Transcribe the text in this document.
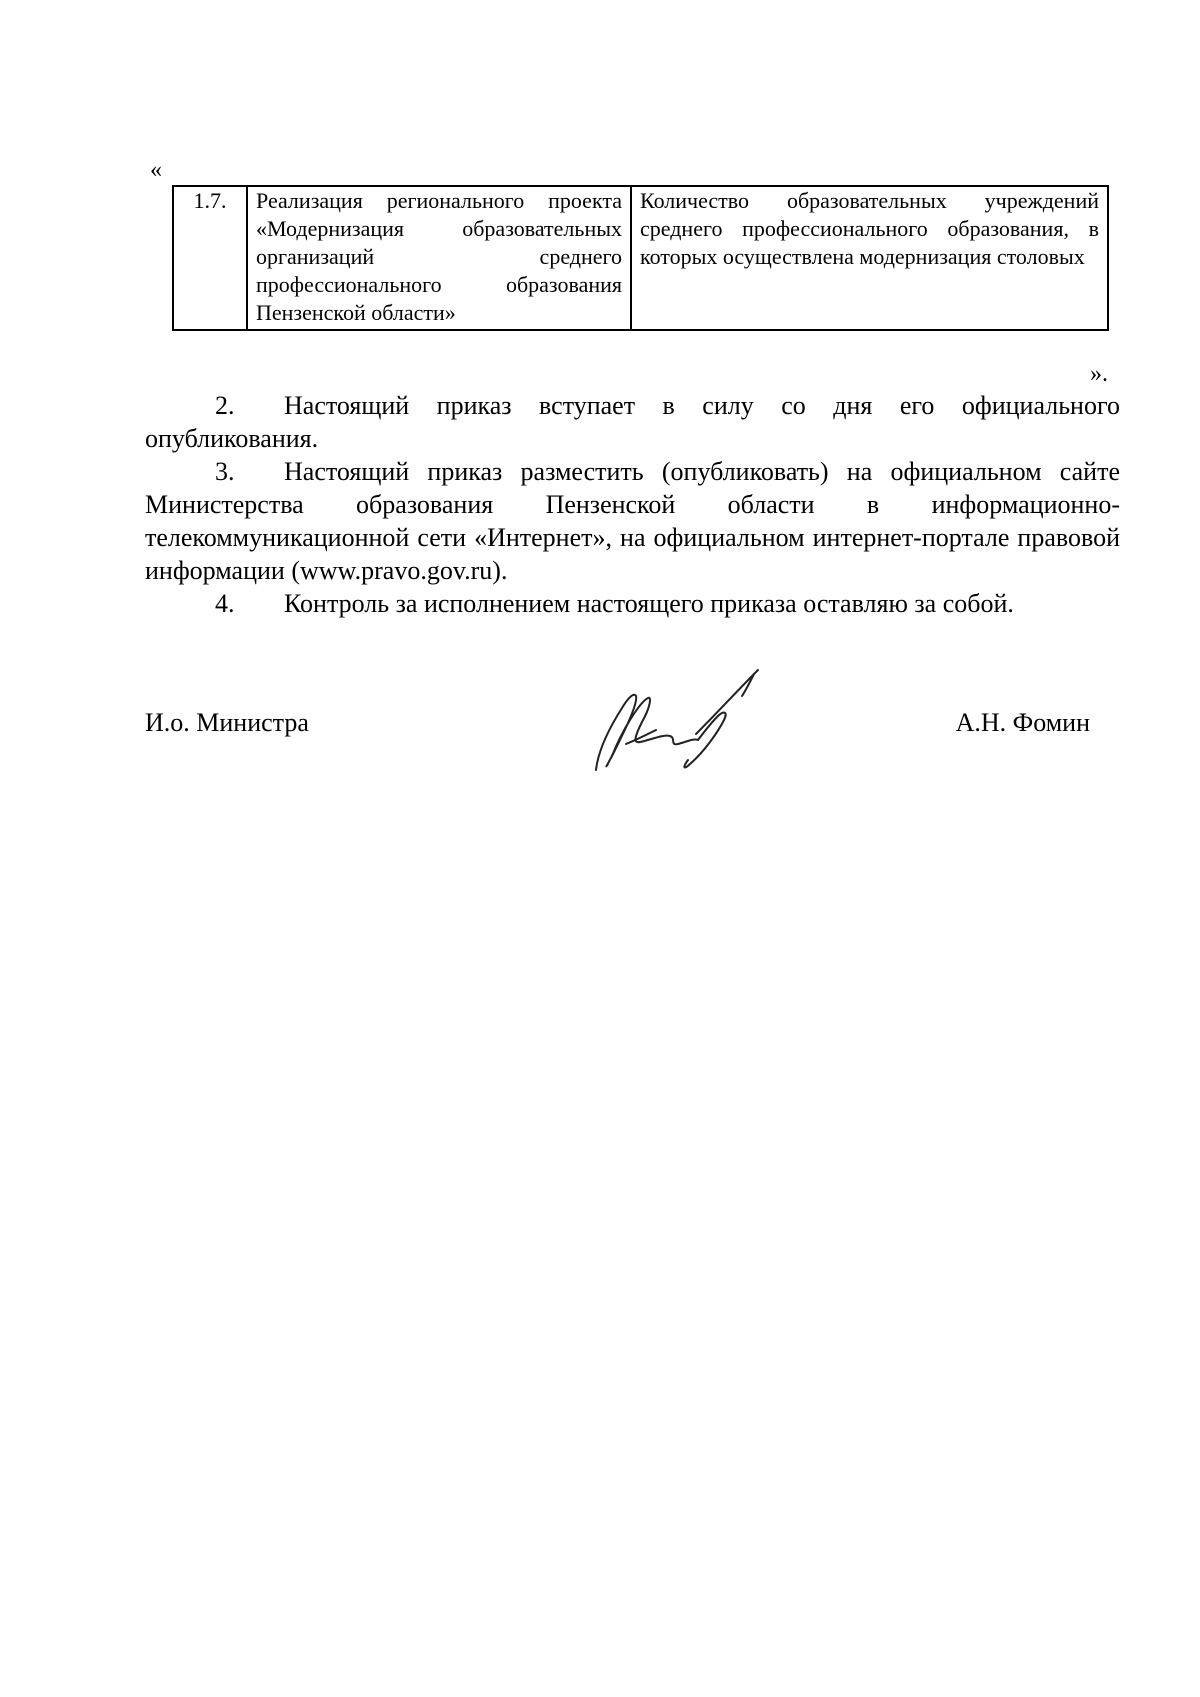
«
1.7.	Реализация регионального проекта «Модернизация образовательных организаций среднего профессионального образования Пензенской области»	Количество образовательных учреждений среднего профессионального образования, в которых осуществлена модернизация столовых
».

2. Настоящий приказ вступает в силу со дня его официального опубликования.

3. Настоящий приказ разместить (опубликовать) на официальном сайте Министерства образования Пензенской области в информационно-телекоммуникационной сети «Интернет», на официальном интернет-портале правовой информации (www.pravo.gov.ru).

4. Контроль за исполнением настоящего приказа оставляю за собой.

И.о. Министра	А.Н. Фомин
